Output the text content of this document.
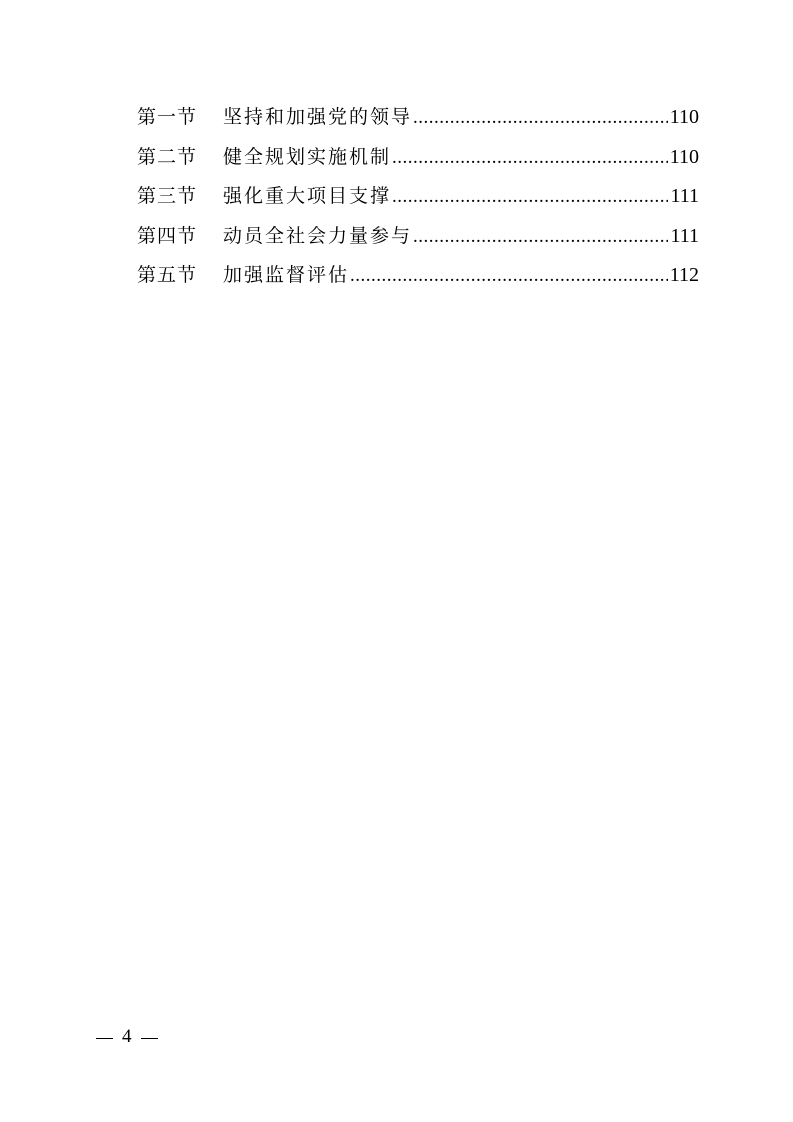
第一节	坚持和加强党的领导 .....	110
第二节	健全规划实施机制 .....	110
第三节	强化重大项目支撑 .....	111
第四节	动员全社会力量参与 .....	111
第五节	加强监督评估 .....	112
4
